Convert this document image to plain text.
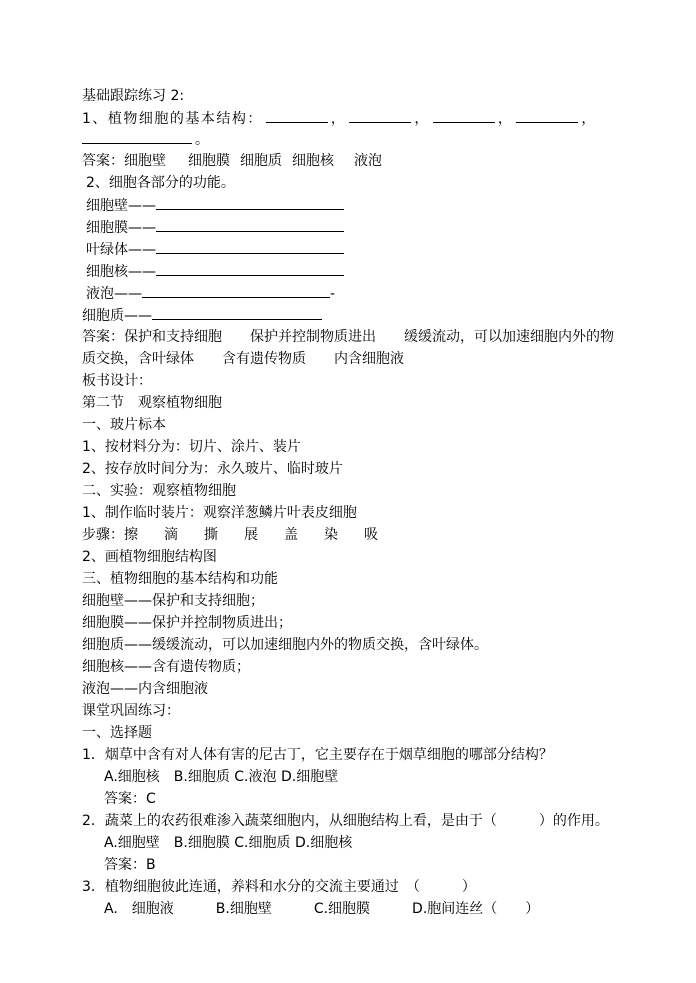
基础跟踪练习 2:
1、植物细胞的基本结构：	，	，	，	，
。
答案：细胞壁 细胞膜 细胞质 细胞核 液泡
2、细胞各部分的功能。
细胞壁——
细胞膜——
叶绿体——
细胞核——
液泡——	-
细胞质——
答案：保护和支持细胞　　保护并控制物质进出　　缓缓流动，可以加速细胞内外的物
质交换，含叶绿体　　含有遗传物质　　内含细胞液
板书设计：
第二节　观察植物细胞
一、玻片标本
1、按材料分为：切片、涂片、装片
2、按存放时间分为：永久玻片、临时玻片
二、实验：观察植物细胞
1、制作临时装片：观察洋葱鳞片叶表皮细胞
步骤：擦 滴 撕 展 盖 染 吸
2、画植物细胞结构图
三、植物细胞的基本结构和功能
细胞壁——保护和支持细胞；
细胞膜——保护并控制物质进出；
细胞质——缓缓流动，可以加速细胞内外的物质交换，含叶绿体。
细胞核——含有遗传物质；
液泡——内含细胞液
课堂巩固练习：
一、选择题
1．烟草中含有对人体有害的尼古丁，它主要存在于烟草细胞的哪部分结构？
A.细胞核　B.细胞质 C.液泡 D.细胞壁
答案：C
2．蔬菜上的农药很难渗入蔬菜细胞内，从细胞结构上看，是由于（　　　）的作用。
A.细胞壁　B.细胞膜 C.细胞质 D.细胞核
答案：B
3．植物细胞彼此连通，养料和水分的交流主要通过　（　　　）
A.　细胞液　　　B.细胞壁　　　C.细胞膜　　　D.胞间连丝（　　）
